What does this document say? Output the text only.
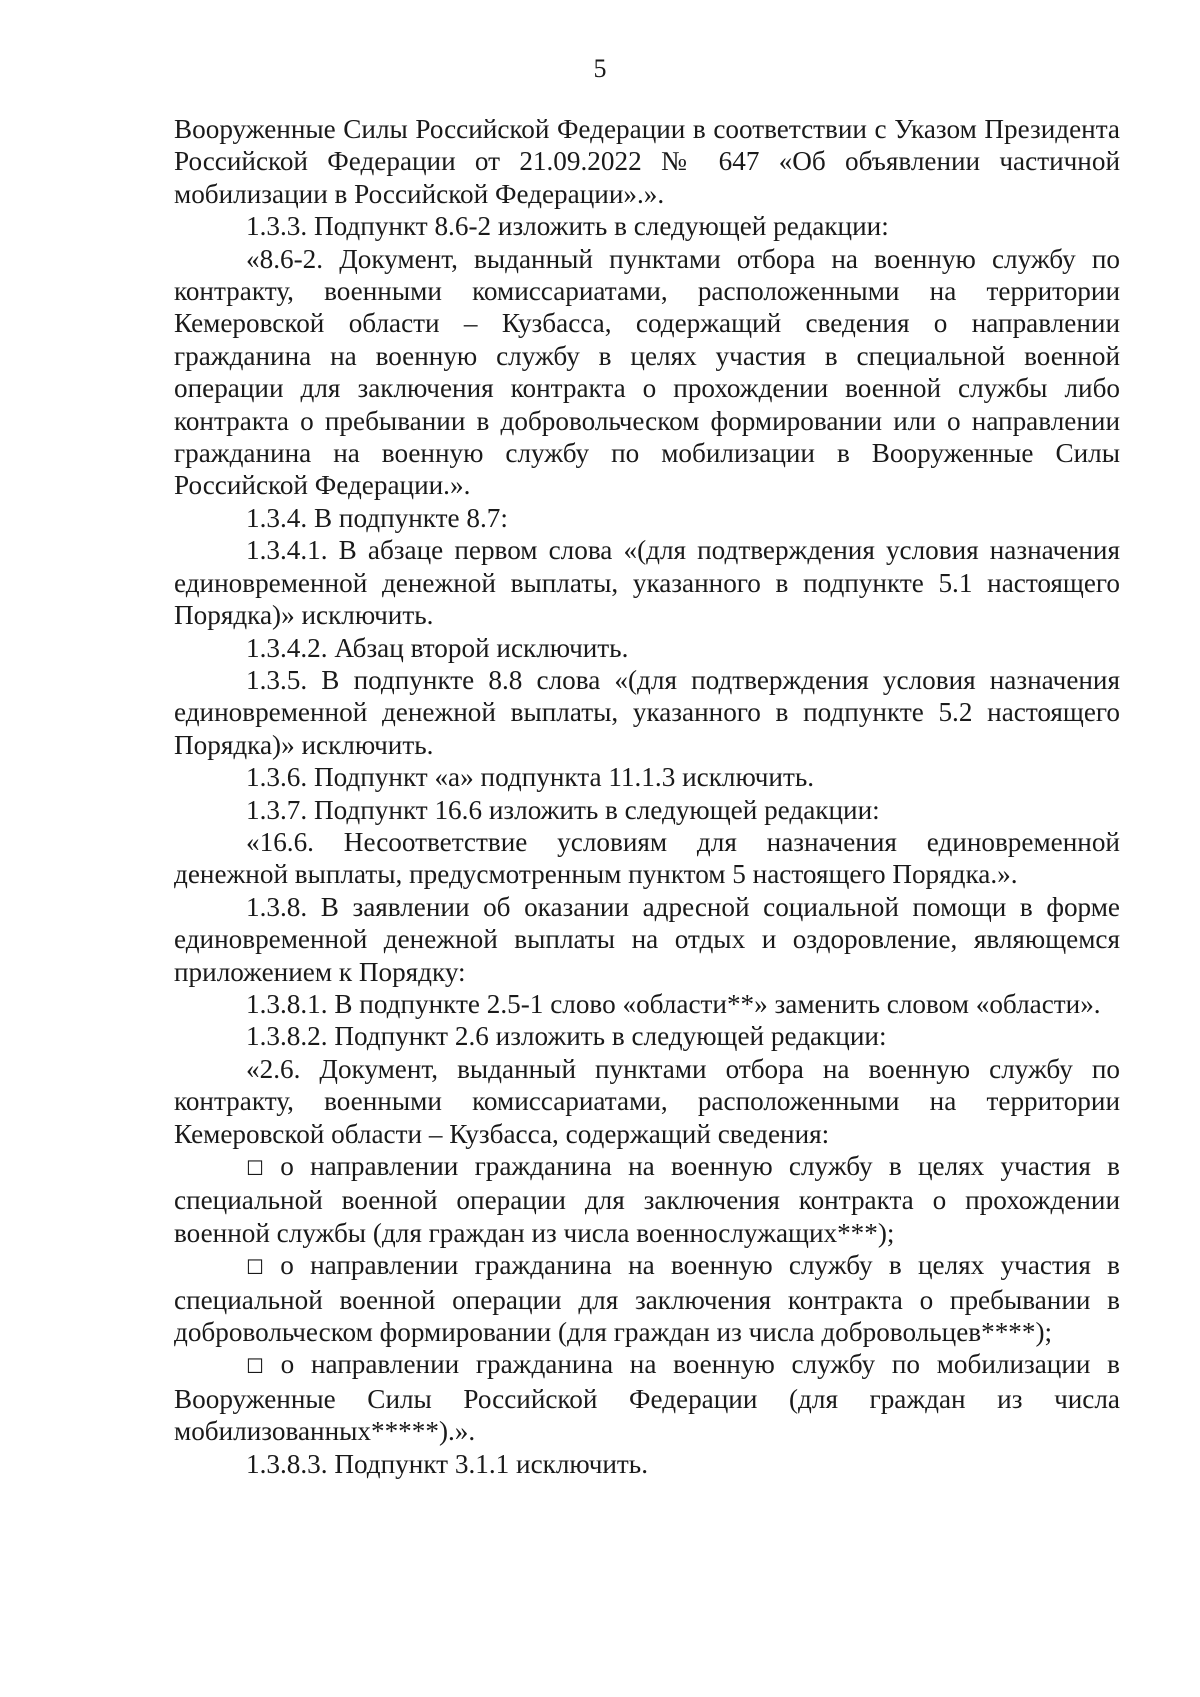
5

Вооруженные Силы Российской Федерации в соответствии с Указом Президента Российской Федерации от 21.09.2022 № 647 «Об объявлении частичной мобилизации в Российской Федерации».».

1.3.3. Подпункт 8.6-2 изложить в следующей редакции:

«8.6-2. Документ, выданный пунктами отбора на военную службу по контракту, военными комиссариатами, расположенными на территории Кемеровской области – Кузбасса, содержащий сведения о направлении гражданина на военную службу в целях участия в специальной военной операции для заключения контракта о прохождении военной службы либо контракта о пребывании в добровольческом формировании или о направлении гражданина на военную службу по мобилизации в Вооруженные Силы Российской Федерации.».

1.3.4. В подпункте 8.7:

1.3.4.1. В абзаце первом слова «(для подтверждения условия назначения единовременной денежной выплаты, указанного в подпункте 5.1 настоящего Порядка)» исключить.

1.3.4.2. Абзац второй исключить.

1.3.5. В подпункте 8.8 слова «(для подтверждения условия назначения единовременной денежной выплаты, указанного в подпункте 5.2 настоящего Порядка)» исключить.

1.3.6. Подпункт «а» подпункта 11.1.3 исключить.

1.3.7. Подпункт 16.6 изложить в следующей редакции:

«16.6. Несоответствие условиям для назначения единовременной денежной выплаты, предусмотренным пунктом 5 настоящего Порядка.».

1.3.8. В заявлении об оказании адресной социальной помощи в форме единовременной денежной выплаты на отдых и оздоровление, являющемся приложением к Порядку:

1.3.8.1. В подпункте 2.5-1 слово «области**» заменить словом «области».

1.3.8.2. Подпункт 2.6 изложить в следующей редакции:

«2.6. Документ, выданный пунктами отбора на военную службу по контракту, военными комиссариатами, расположенными на территории Кемеровской области – Кузбасса, содержащий сведения:

☐ о направлении гражданина на военную службу в целях участия в специальной военной операции для заключения контракта о прохождении военной службы (для граждан из числа военнослужащих***);

☐ о направлении гражданина на военную службу в целях участия в специальной военной операции для заключения контракта о пребывании в добровольческом формировании (для граждан из числа добровольцев****);

☐ о направлении гражданина на военную службу по мобилизации в Вооруженные Силы Российской Федерации (для граждан из числа мобилизованных*****).».

1.3.8.3. Подпункт 3.1.1 исключить.
